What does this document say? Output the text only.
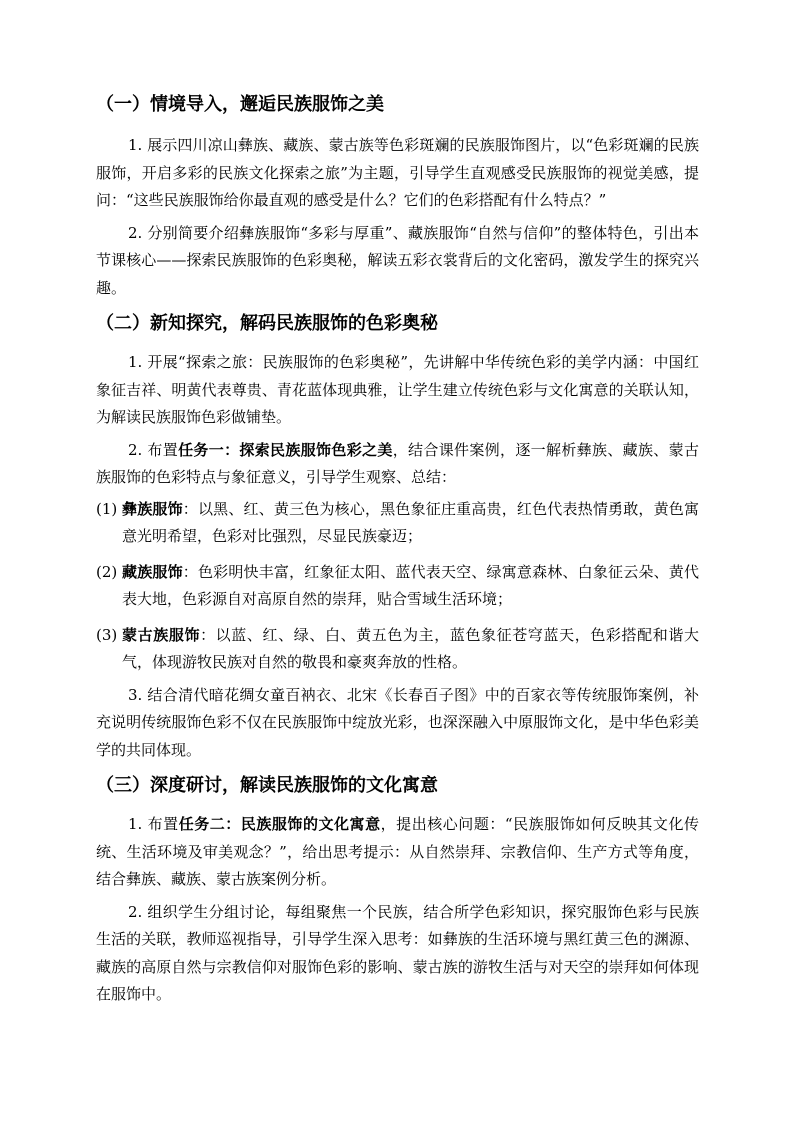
（一）情境导入，邂逅民族服饰之美

1. 展示四川凉山彝族、藏族、蒙古族等色彩斑斓的民族服饰图片，以“色彩斑斓的民族服饰，开启多彩的民族文化探索之旅”为主题，引导学生直观感受民族服饰的视觉美感，提问：“这些民族服饰给你最直观的感受是什么？它们的色彩搭配有什么特点？”

2. 分别简要介绍彝族服饰“多彩与厚重”、藏族服饰“自然与信仰”的整体特色，引出本节课核心——探索民族服饰的色彩奥秘，解读五彩衣裳背后的文化密码，激发学生的探究兴趣。

（二）新知探究，解码民族服饰的色彩奥秘

1. 开展“探索之旅：民族服饰的色彩奥秘”，先讲解中华传统色彩的美学内涵：中国红象征吉祥、明黄代表尊贵、青花蓝体现典雅，让学生建立传统色彩与文化寓意的关联认知，为解读民族服饰色彩做铺垫。

2. 布置任务一：探索民族服饰色彩之美，结合课件案例，逐一解析彝族、藏族、蒙古族服饰的色彩特点与象征意义，引导学生观察、总结：

(1) 彝族服饰：以黑、红、黄三色为核心，黑色象征庄重高贵，红色代表热情勇敢，黄色寓意光明希望，色彩对比强烈，尽显民族豪迈；
(2) 藏族服饰：色彩明快丰富，红象征太阳、蓝代表天空、绿寓意森林、白象征云朵、黄代表大地，色彩源自对高原自然的崇拜，贴合雪域生活环境；
(3) 蒙古族服饰：以蓝、红、绿、白、黄五色为主，蓝色象征苍穹蓝天，色彩搭配和谐大气，体现游牧民族对自然的敬畏和豪爽奔放的性格。

3. 结合清代暗花绸女童百衲衣、北宋《长春百子图》中的百家衣等传统服饰案例，补充说明传统服饰色彩不仅在民族服饰中绽放光彩，也深深融入中原服饰文化，是中华色彩美学的共同体现。

（三）深度研讨，解读民族服饰的文化寓意

1. 布置任务二：民族服饰的文化寓意，提出核心问题：“民族服饰如何反映其文化传统、生活环境及审美观念？”，给出思考提示：从自然崇拜、宗教信仰、生产方式等角度，结合彝族、藏族、蒙古族案例分析。

2. 组织学生分组讨论，每组聚焦一个民族，结合所学色彩知识，探究服饰色彩与民族生活的关联，教师巡视指导，引导学生深入思考：如彝族的生活环境与黑红黄三色的渊源、藏族的高原自然与宗教信仰对服饰色彩的影响、蒙古族的游牧生活与对天空的崇拜如何体现在服饰中。
